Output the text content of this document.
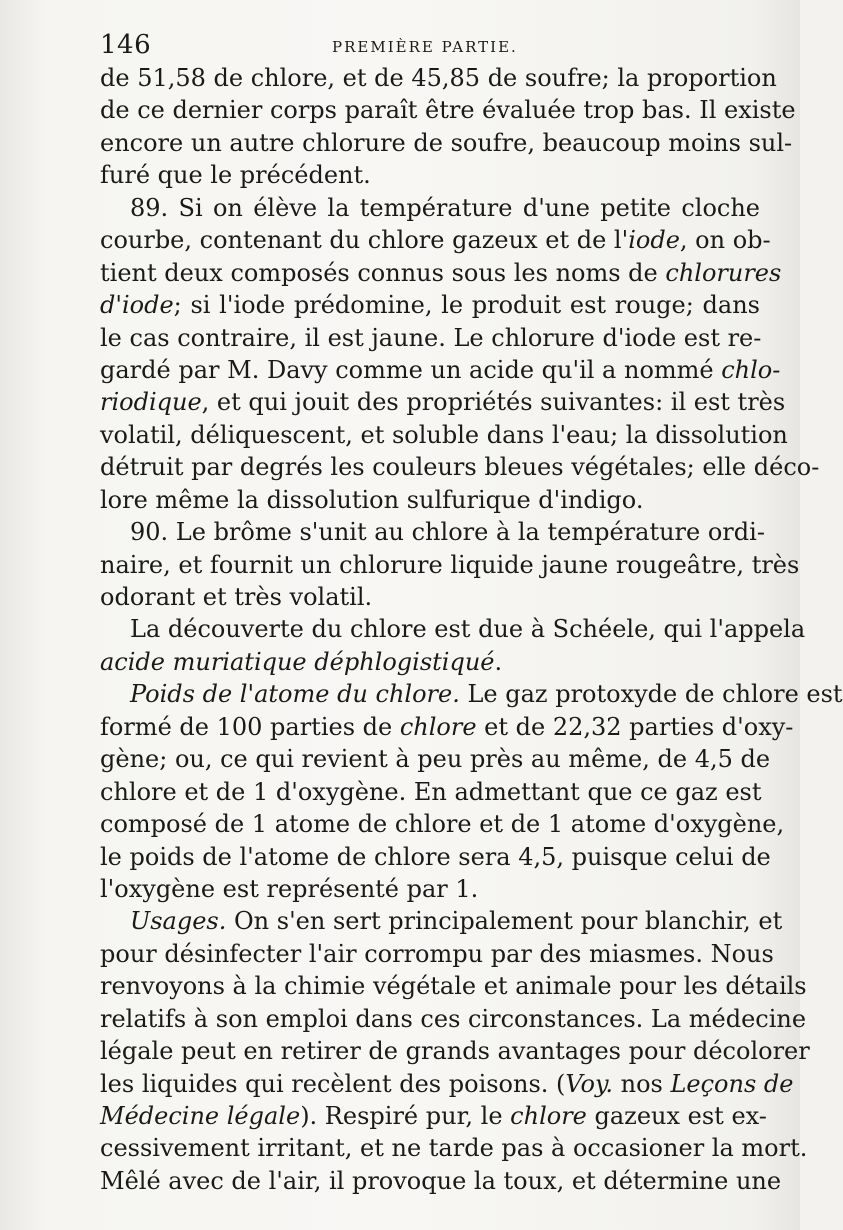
146	PREMIÈRE PARTIE.
de 51,58 de chlore, et de 45,85 de soufre; la proportion
de ce dernier corps paraît être évaluée trop bas. Il existe
encore un autre chlorure de soufre, beaucoup moins sul-
furé que le précédent.
89. Si on élève la température d'une petite cloche
courbe, contenant du chlore gazeux et de l'iode, on ob-
tient deux composés connus sous les noms de chlorures
d'iode; si l'iode prédomine, le produit est rouge; dans
le cas contraire, il est jaune. Le chlorure d'iode est re-
gardé par M. Davy comme un acide qu'il a nommé chlo-
riodique, et qui jouit des propriétés suivantes: il est très
volatil, déliquescent, et soluble dans l'eau; la dissolution
détruit par degrés les couleurs bleues végétales; elle déco-
lore même la dissolution sulfurique d'indigo.
90. Le brôme s'unit au chlore à la température ordi-
naire, et fournit un chlorure liquide jaune rougeâtre, très
odorant et très volatil.
La découverte du chlore est due à Schéele, qui l'appela
acide muriatique déphlogistiqué.
Poids de l'atome du chlore. Le gaz protoxyde de chlore est
formé de 100 parties de chlore et de 22,32 parties d'oxy-
gène; ou, ce qui revient à peu près au même, de 4,5 de
chlore et de 1 d'oxygène. En admettant que ce gaz est
composé de 1 atome de chlore et de 1 atome d'oxygène,
le poids de l'atome de chlore sera 4,5, puisque celui de
l'oxygène est représenté par 1.
Usages. On s'en sert principalement pour blanchir, et
pour désinfecter l'air corrompu par des miasmes. Nous
renvoyons à la chimie végétale et animale pour les détails
relatifs à son emploi dans ces circonstances. La médecine
légale peut en retirer de grands avantages pour décolorer
les liquides qui recèlent des poisons. (Voy. nos Leçons de
Médecine légale). Respiré pur, le chlore gazeux est ex-
cessivement irritant, et ne tarde pas à occasioner la mort.
Mêlé avec de l'air, il provoque la toux, et détermine une
